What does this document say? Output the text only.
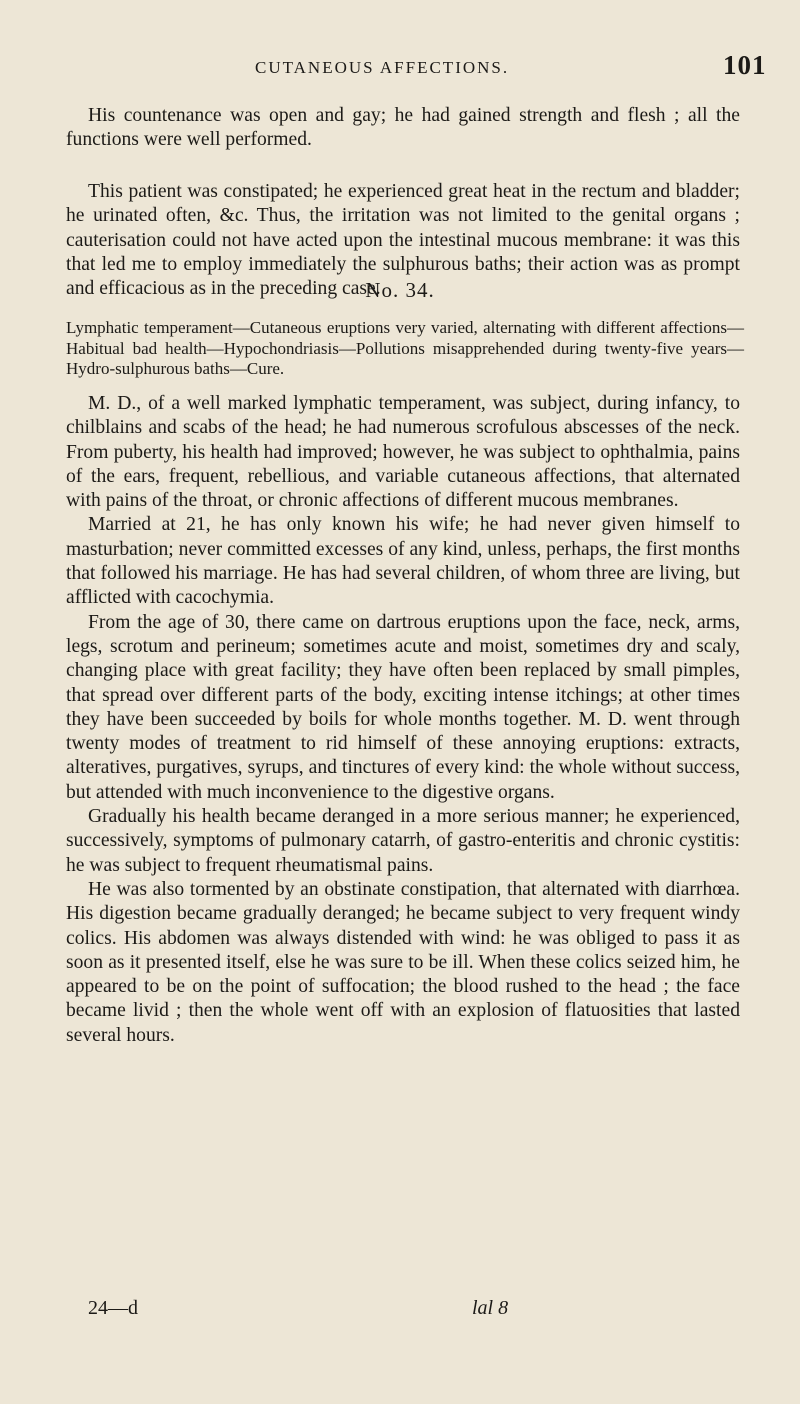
CUTANEOUS AFFECTIONS.	101

His countenance was open and gay; he had gained strength and flesh ; all the functions were well performed.

This patient was constipated; he experienced great heat in the rectum and bladder; he urinated often, &c. Thus, the irritation was not limited to the genital organs ; cauterisation could not have acted upon the intestinal mucous membrane: it was this that led me to employ immediately the sulphurous baths; their action was as prompt and efficacious as in the preceding case.

No. 34.

Lymphatic temperament—Cutaneous eruptions very varied, alternating with different affections—Habitual bad health—Hypochondriasis—Pollutions misapprehended during twenty-five years—Hydro-sulphurous baths—Cure.

M. D., of a well marked lymphatic temperament, was subject, during infancy, to chilblains and scabs of the head; he had numerous scrofulous abscesses of the neck. From puberty, his health had improved; however, he was subject to ophthalmia, pains of the ears, frequent, rebellious, and variable cutaneous affections, that alternated with pains of the throat, or chronic affections of different mucous membranes.

Married at 21, he has only known his wife; he had never given himself to masturbation; never committed excesses of any kind, unless, perhaps, the first months that followed his marriage. He has had several children, of whom three are living, but afflicted with cacochymia.

From the age of 30, there came on dartrous eruptions upon the face, neck, arms, legs, scrotum and perineum; sometimes acute and moist, sometimes dry and scaly, changing place with great facility; they have often been replaced by small pimples, that spread over different parts of the body, exciting intense itchings; at other times they have been succeeded by boils for whole months together. M. D. went through twenty modes of treatment to rid himself of these annoying eruptions: extracts, alteratives, purgatives, syrups, and tinctures of every kind: the whole without success, but attended with much inconvenience to the digestive organs.

Gradually his health became deranged in a more serious manner; he experienced, successively, symptoms of pulmonary catarrh, of gastro-enteritis and chronic cystitis: he was subject to frequent rheumatismal pains.

He was also tormented by an obstinate constipation, that alternated with diarrhœa. His digestion became gradually deranged; he became subject to very frequent windy colics. His abdomen was always distended with wind: he was obliged to pass it as soon as it presented itself, else he was sure to be ill. When these colics seized him, he appeared to be on the point of suffocation; the blood rushed to the head ; the face became livid ; then the whole went off with an explosion of flatuosities that lasted several hours.

24—d	lal 8
